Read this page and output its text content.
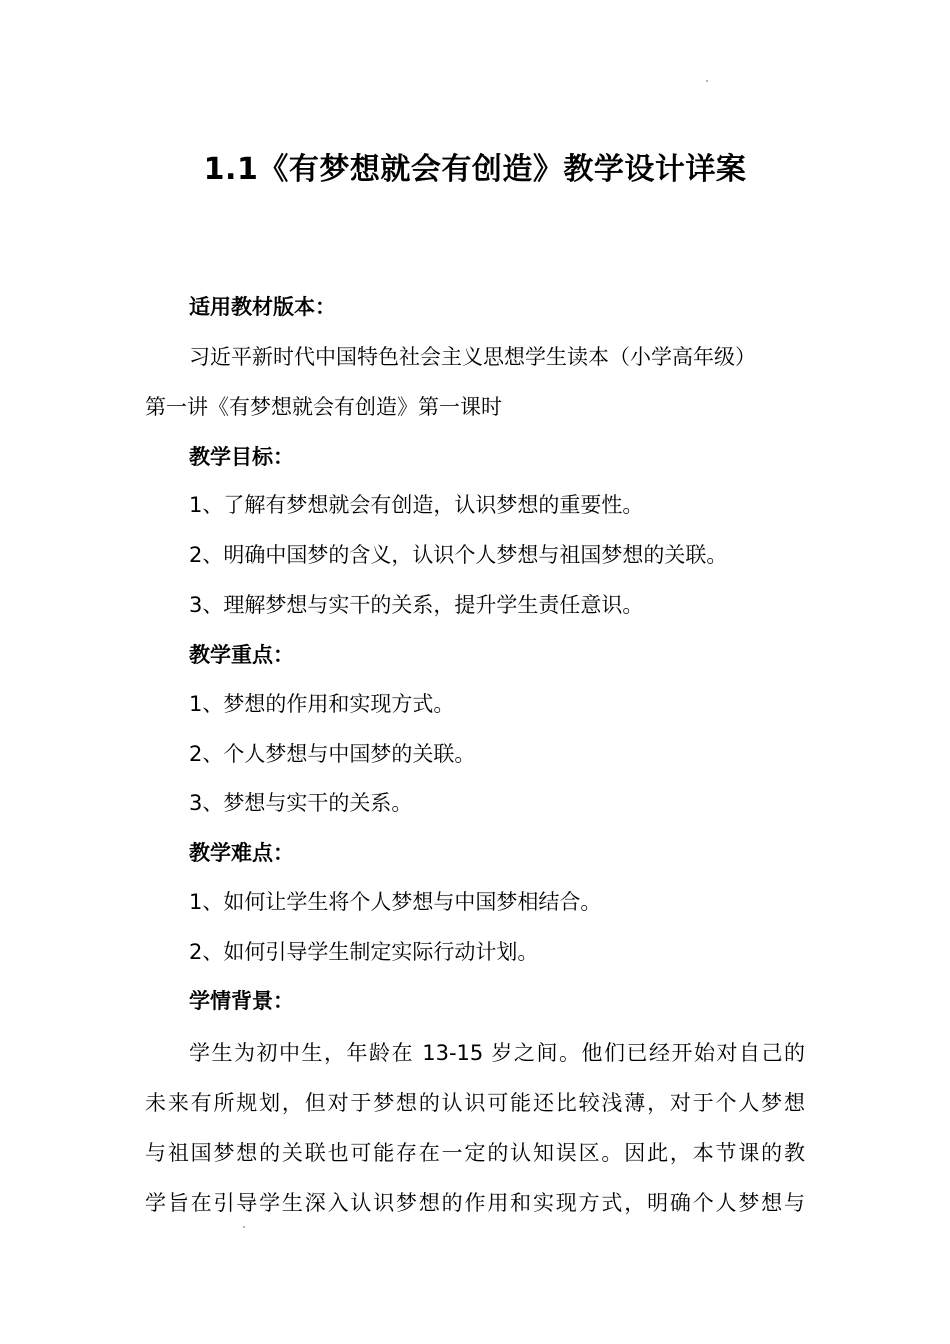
1.1《有梦想就会有创造》教学设计详案
适用教材版本：
习近平新时代中国特色社会主义思想学生读本（小学高年级）
第一讲《有梦想就会有创造》第一课时
教学目标：
1、了解有梦想就会有创造，认识梦想的重要性。
2、明确中国梦的含义，认识个人梦想与祖国梦想的关联。
3、理解梦想与实干的关系，提升学生责任意识。
教学重点：
1、梦想的作用和实现方式。
2、个人梦想与中国梦的关联。
3、梦想与实干的关系。
教学难点：
1、如何让学生将个人梦想与中国梦相结合。
2、如何引导学生制定实际行动计划。
学情背景：
学生为初中生，年龄在 13-15 岁之间。他们已经开始对自己的
未来有所规划，但对于梦想的认识可能还比较浅薄，对于个人梦想
与祖国梦想的关联也可能存在一定的认知误区。因此，本节课的教
学旨在引导学生深入认识梦想的作用和实现方式，明确个人梦想与
